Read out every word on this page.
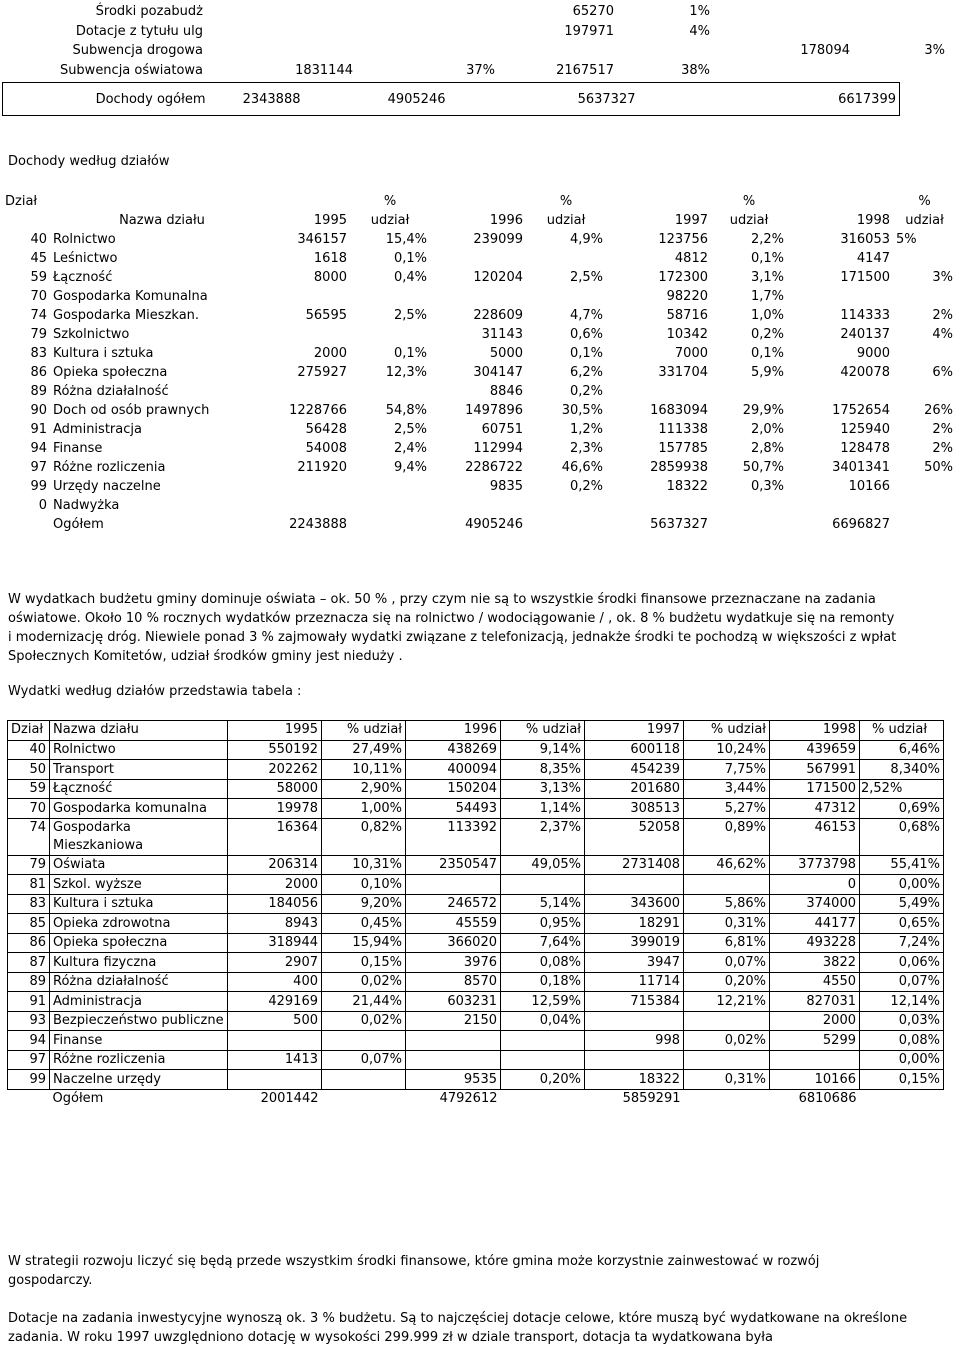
Środki pozabudż			65270	1%		
Dotacje z tytułu ulg			197971	4%		
Subwencja drogowa					178094	3%
Subwencja oświatowa	1831144	37%	2167517	38%		
Dochody ogółem	2343888	4905246	5637327	6617399
Dochody według działów
Dział	Nazwa działu	1995	%	1996	%	1997	%	1998	%
			udział		udział		udział		udział
40	Rolnictwo	346157	15,4%	239099	4,9%	123756	2,2%	316053	5%
45	Leśnictwo	1618	0,1%			4812	0,1%	4147	
59	Łączność	8000	0,4%	120204	2,5%	172300	3,1%	171500	3%
70	Gospodarka Komunalna					98220	1,7%		
74	Gospodarka Mieszkan.	56595	2,5%	228609	4,7%	58716	1,0%	114333	2%
79	Szkolnictwo			31143	0,6%	10342	0,2%	240137	4%
83	Kultura i sztuka	2000	0,1%	5000	0,1%	7000	0,1%	9000	
86	Opieka społeczna	275927	12,3%	304147	6,2%	331704	5,9%	420078	6%
89	Różna działalność			8846	0,2%				
90	Doch od osób prawnych	1228766	54,8%	1497896	30,5%	1683094	29,9%	1752654	26%
91	Administracja	56428	2,5%	60751	1,2%	111338	2,0%	125940	2%
94	Finanse	54008	2,4%	112994	2,3%	157785	2,8%	128478	2%
97	Różne rozliczenia	211920	9,4%	2286722	46,6%	2859938	50,7%	3401341	50%
99	Urzędy naczelne			9835	0,2%	18322	0,3%	10166	
0	Nadwyżka								
	Ogółem	2243888		4905246		5637327		6696827	

W wydatkach budżetu gminy dominuje oświata – ok. 50 % , przy czym nie są to wszystkie środki finansowe przeznaczane na zadania oświatowe. Około 10 % rocznych wydatków przeznacza się na rolnictwo / wodociągowanie / , ok. 8 % budżetu wydatkuje się na remonty i modernizację dróg. Niewiele ponad 3 % zajmowały wydatki związane z telefonizacją, jednakże środki te pochodzą w większości z wpłat Społecznych Komitetów, udział środków gminy jest nieduży .

Wydatki według działów przedstawia tabela :
Dział	Nazwa działu	1995	% udział	1996	% udział	1997	% udział	1998	% udział
40	Rolnictwo	550192	27,49%	438269	9,14%	600118	10,24%	439659	6,46%
50	Transport	202262	10,11%	400094	8,35%	454239	7,75%	567991	8,340%
59	Łączność	58000	2,90%	150204	3,13%	201680	3,44%	171500	2,52%
70	Gospodarka komunalna	19978	1,00%	54493	1,14%	308513	5,27%	47312	0,69%
74	Gospodarka Mieszkaniowa	16364	0,82%	113392	2,37%	52058	0,89%	46153	0,68%
79	Oświata	206314	10,31%	2350547	49,05%	2731408	46,62%	3773798	55,41%
81	Szkol. wyższe	2000	0,10%					0	0,00%
83	Kultura i sztuka	184056	9,20%	246572	5,14%	343600	5,86%	374000	5,49%
85	Opieka zdrowotna	8943	0,45%	45559	0,95%	18291	0,31%	44177	0,65%
86	Opieka społeczna	318944	15,94%	366020	7,64%	399019	6,81%	493228	7,24%
87	Kultura fizyczna	2907	0,15%	3976	0,08%	3947	0,07%	3822	0,06%
89	Różna działalność	400	0,02%	8570	0,18%	11714	0,20%	4550	0,07%
91	Administracja	429169	21,44%	603231	12,59%	715384	12,21%	827031	12,14%
93	Bezpieczeństwo publiczne	500	0,02%	2150	0,04%			2000	0,03%
94	Finanse					998	0,02%	5299	0,08%
97	Różne rozliczenia	1413	0,07%						0,00%
99	Naczelne urzędy			9535	0,20%	18322	0,31%	10166	0,15%
	Ogółem	2001442		4792612		5859291		6810686	

W strategii rozwoju liczyć się będą przede wszystkim środki finansowe, które gmina może korzystnie zainwestować w rozwój gospodarczy.

Dotacje na zadania inwestycyjne wynoszą ok. 3 % budżetu. Są to najczęściej dotacje celowe, które muszą być wydatkowane na określone zadania. W roku 1997 uwzględniono dotację w wysokości 299.999 zł w dziale transport, dotacja ta wydatkowana była
